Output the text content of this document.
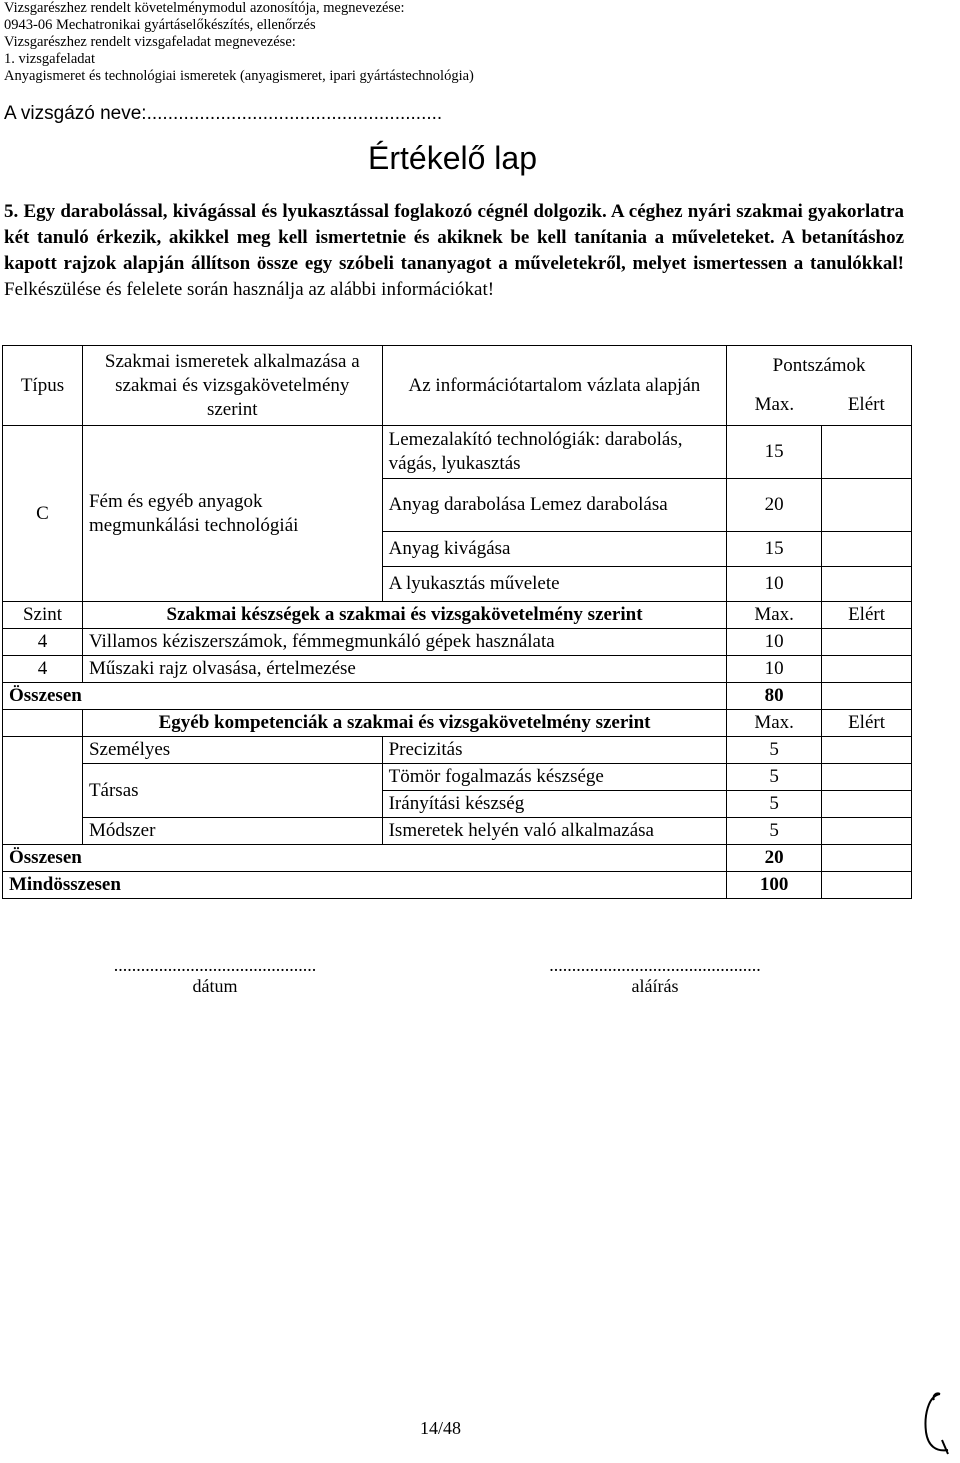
Vizsgarészhez rendelt követelménymodul azonosítója, megnevezése:
0943-06 Mechatronikai gyártáselőkészítés, ellenőrzés
Vizsgarészhez rendelt vizsgafeladat megnevezése:
1. vizsgafeladat
Anyagismeret és technológiai ismeretek (anyagismeret, ipari gyártástechnológia)
A vizsgázó neve:........................................................
Értékelő lap
5. Egy darabolással, kivágással és lyukasztással foglakozó cégnél dolgozik. A céghez nyári szakmai gyakorlatra két tanuló érkezik, akikkel meg kell ismertetnie és akiknek be kell tanítania a műveleteket. A betanításhoz kapott rajzok alapján állítson össze egy szóbeli tananyagot a műveletekről, melyet ismertessen a tanulókkal! Felkészülése és felelete során használja az alábbi információkat!
Típus	Szakmai ismeretek alkalmazása a szakmai és vizsgakövetelmény szerint	Az információtartalom vázlata alapján	Pontszámok	
			Max.	Elért
C	Fém és egyéb anyagok megmunkálási technológiái	Lemezalakító technológiák: darabolás, vágás, lyukasztás	15	
		Anyag darabolása Lemez darabolása	20	
		Anyag kivágása	15	
		A lyukasztás művelete	10	
Szint	Szakmai készségek a szakmai és vizsgakövetelmény szerint		Max.	Elért
4	Villamos kéziszerszámok, fémmegmunkáló gépek használata		10	
4	Műszaki rajz olvasása, értelmezése		10	
Összesen			80	
	Egyéb kompetenciák a szakmai és vizsgakövetelmény szerint		Max.	Elért
	Személyes	Precizitás	5	
	Társas	Tömör fogalmazás készsége	5	
		Irányítási készség	5	
	Módszer	Ismeretek helyén való alkalmazása	5	
Összesen			20	
Mindösszesen			100	
.............................................
dátum
...............................................
aláírás
14/48
